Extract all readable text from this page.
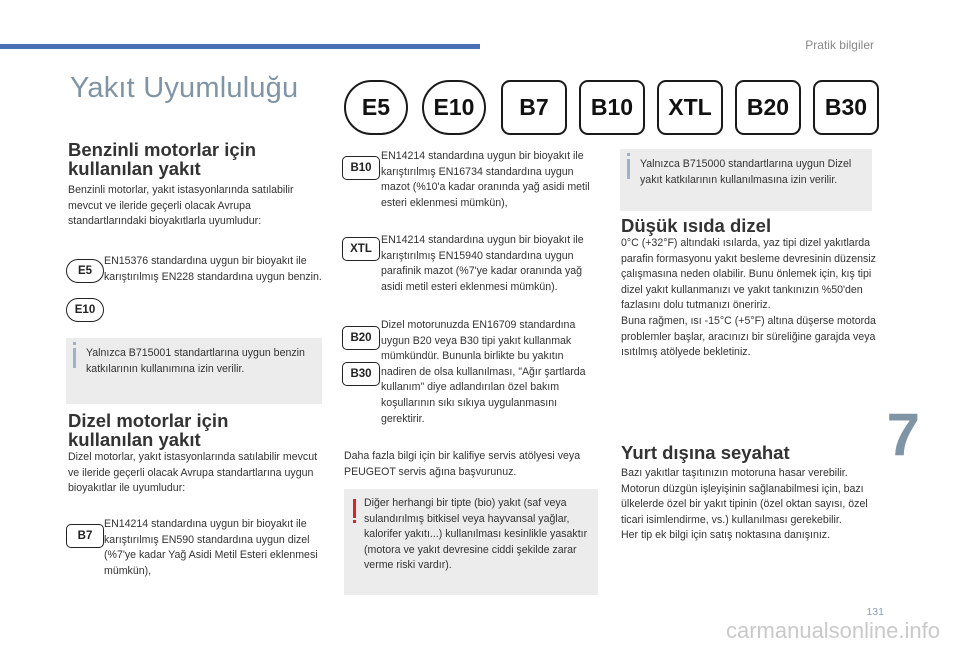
Pratik bilgiler
Yakıt Uyumluluğu
E5	E10	B7	B10	XTL	B20	B30
Benzinli motorlar için
kullanılan yakıt
Benzinli motorlar, yakıt istasyonlarında satılabilir mevcut ve ileride geçerli olacak Avrupa standartlarındaki bioyakıtlarla uyumludur:
E5
E10
EN15376 standardına uygun bir bioyakıt ile karıştırılmış EN228 standardına uygun benzin.
Yalnızca B715001 standartlarına uygun benzin katkılarının kullanımına izin verilir.
Dizel motorlar için
kullanılan yakıt
Dizel motorlar, yakıt istasyonlarında satılabilir mevcut ve ileride geçerli olacak Avrupa standartlarına uygun bioyakıtlar ile uyumludur:
B7
EN14214 standardına uygun bir bioyakıt ile karıştırılmış EN590 standardına uygun dizel (%7'ye kadar Yağ Asidi Metil Esteri eklenmesi mümkün),
B10
EN14214 standardına uygun bir bioyakıt ile karıştırılmış EN16734 standardına uygun mazot (%10'a kadar oranında yağ asidi metil esteri eklenmesi mümkün),
XTL
EN14214 standardına uygun bir bioyakıt ile karıştırılmış EN15940 standardına uygun parafinik mazot (%7'ye kadar oranında yağ asidi metil esteri eklenmesi mümkün).
B20
B30
Dizel motorunuzda EN16709 standardına uygun B20 veya B30 tipi yakıt kullanmak mümkündür. Bununla birlikte bu yakıtın nadiren de olsa kullanılması, "Ağır şartlarda kullanım" diye adlandırılan özel bakım koşullarının sıkı sıkıya uygulanmasını gerektirir.
Daha fazla bilgi için bir kalifiye servis atölyesi veya PEUGEOT servis ağına başvurunuz.
Diğer herhangi bir tipte (bio) yakıt (saf veya sulandırılmış bitkisel veya hayvansal yağlar, kalorifer yakıtı...) kullanılması kesinlikle yasaktır (motora ve yakıt devresine ciddi şekilde zarar verme riski vardır).
Yalnızca B715000 standartlarına uygun Dizel yakıt katkılarının kullanılmasına izin verilir.
Düşük ısıda dizel
0°C (+32°F) altındaki ısılarda, yaz tipi dizel yakıtlarda parafin formasyonu yakıt besleme devresinin düzensiz çalışmasına neden olabilir. Bunu önlemek için, kış tipi dizel yakıt kullanmanızı ve yakıt tankınızın %50'den fazlasını dolu tutmanızı öneririz.
Buna rağmen, ısı -15°C (+5°F) altına düşerse motorda problemler başlar, aracınızı bir süreliğine garajda veya ısıtılmış atölyede bekletiniz.
Yurt dışına seyahat
Bazı yakıtlar taşıtınızın motoruna hasar verebilir.
Motorun düzgün işleyişinin sağlanabilmesi için, bazı ülkelerde özel bir yakıt tipinin (özel oktan sayısı, özel ticari isimlendirme, vs.) kullanılması gerekebilir.
Her tip ek bilgi için satış noktasına danışınız.
7
131
carmanualsonline.info
